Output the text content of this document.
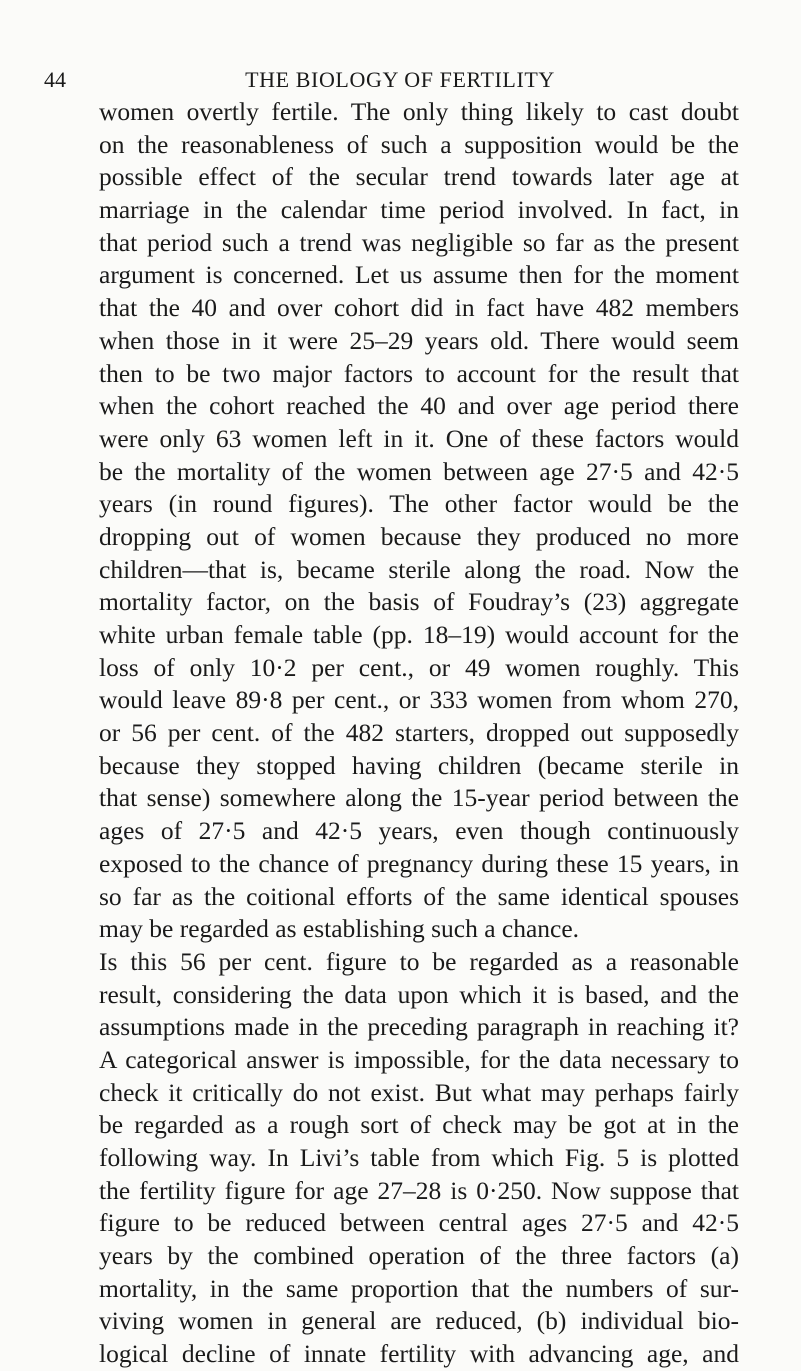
44	THE BIOLOGY OF FERTILITY
women overtly fertile. The only thing likely to cast doubt
on the reasonableness of such a supposition would be the
possible effect of the secular trend towards later age at
marriage in the calendar time period involved. In fact, in
that period such a trend was negligible so far as the present
argument is concerned. Let us assume then for the moment
that the 40 and over cohort did in fact have 482 members
when those in it were 25–29 years old. There would seem
then to be two major factors to account for the result that
when the cohort reached the 40 and over age period there
were only 63 women left in it. One of these factors would
be the mortality of the women between age 27·5 and 42·5
years (in round figures). The other factor would be the
dropping out of women because they produced no more
children—that is, became sterile along the road. Now the
mortality factor, on the basis of Foudray’s (23) aggregate
white urban female table (pp. 18–19) would account for the
loss of only 10·2 per cent., or 49 women roughly. This
would leave 89·8 per cent., or 333 women from whom 270,
or 56 per cent. of the 482 starters, dropped out supposedly
because they stopped having children (became sterile in
that sense) somewhere along the 15-year period between the
ages of 27·5 and 42·5 years, even though continuously
exposed to the chance of pregnancy during these 15 years, in
so far as the coitional efforts of the same identical spouses
may be regarded as establishing such a chance.
Is this 56 per cent. figure to be regarded as a reasonable
result, considering the data upon which it is based, and the
assumptions made in the preceding paragraph in reaching it?
A categorical answer is impossible, for the data necessary to
check it critically do not exist. But what may perhaps fairly
be regarded as a rough sort of check may be got at in the
following way. In Livi’s table from which Fig. 5 is plotted
the fertility figure for age 27–28 is 0·250. Now suppose that
figure to be reduced between central ages 27·5 and 42·5
years by the combined operation of the three factors (a)
mortality, in the same proportion that the numbers of sur-
viving women in general are reduced, (b) individual bio-
logical decline of innate fertility with advancing age, and
